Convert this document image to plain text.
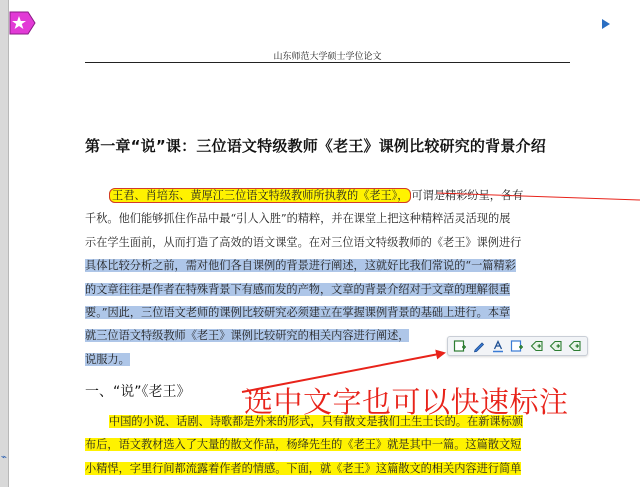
⌁
山东师范大学硕士学位论文
第一章“说”课：三位语文特级教师《老王》课例比较研究的背景介绍
王君、肖培东、黄厚江三位语文特级教师所执教的《老王》， 可谓是精彩纷呈，各有
千秋。他们能够抓住作品中最“引人入胜”的精粹，并在课堂上把这种精粹活灵活现的展
示在学生面前，从而打造了高效的语文课堂。在对三位语文特级教师的《老王》课例进行
具体比较分析之前，需对他们各自课例的背景进行阐述，这就好比我们常说的“一篇精彩
的文章往往是作者在特殊背景下有感而发的产物，文章的背景介绍对于文章的理解很重
要。”因此，三位语文老师的课例比较研究必须建立在掌握课例背景的基础上进行。本章
就三位语文特级教师《老王》课例比较研究的相关内容进行阐述，
说服力。
一、“说”《老王》
中国的小说、话剧、诗歌都是外来的形式，只有散文是我们土生土长的。在新课标颁
布后，语文教材选入了大量的散文作品，杨绛先生的《老王》就是其中一篇。这篇散文短
小精悍，字里行间都流露着作者的情感。下面，就《老王》这篇散文的相关内容进行简单
选中文字也可以快速标注
